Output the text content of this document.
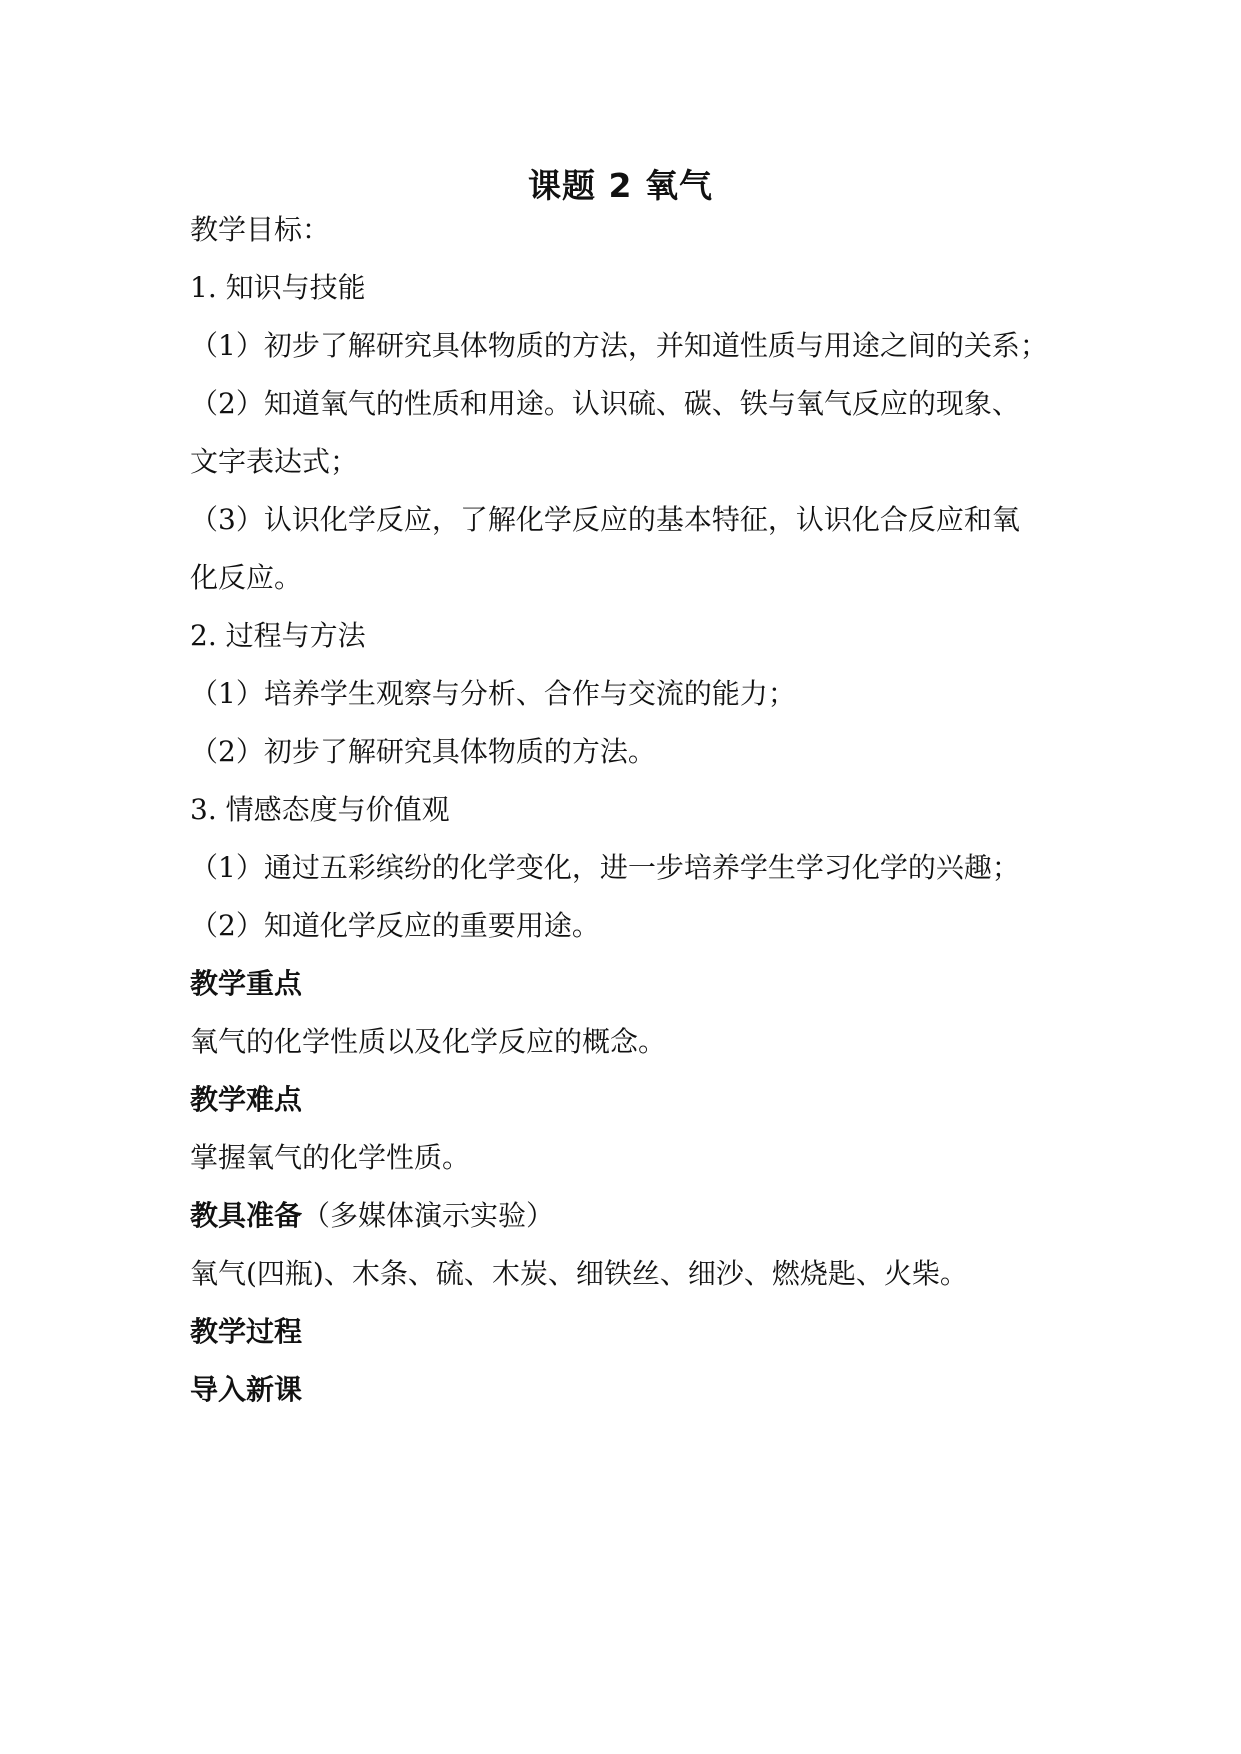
课题 2 氧气
教学目标：
1. 知识与技能
（1）初步了解研究具体物质的方法，并知道性质与用途之间的关系；
（2）知道氧气的性质和用途。认识硫、碳、铁与氧气反应的现象、
文字表达式；
（3）认识化学反应，了解化学反应的基本特征，认识化合反应和氧
化反应。
2. 过程与方法
（1）培养学生观察与分析、合作与交流的能力；
（2）初步了解研究具体物质的方法。
3. 情感态度与价值观
（1）通过五彩缤纷的化学变化，进一步培养学生学习化学的兴趣；
（2）知道化学反应的重要用途。
教学重点
氧气的化学性质以及化学反应的概念。
教学难点
掌握氧气的化学性质。
教具准备（多媒体演示实验）
氧气(四瓶)、木条、硫、木炭、细铁丝、细沙、燃烧匙、火柴。
教学过程
导入新课
